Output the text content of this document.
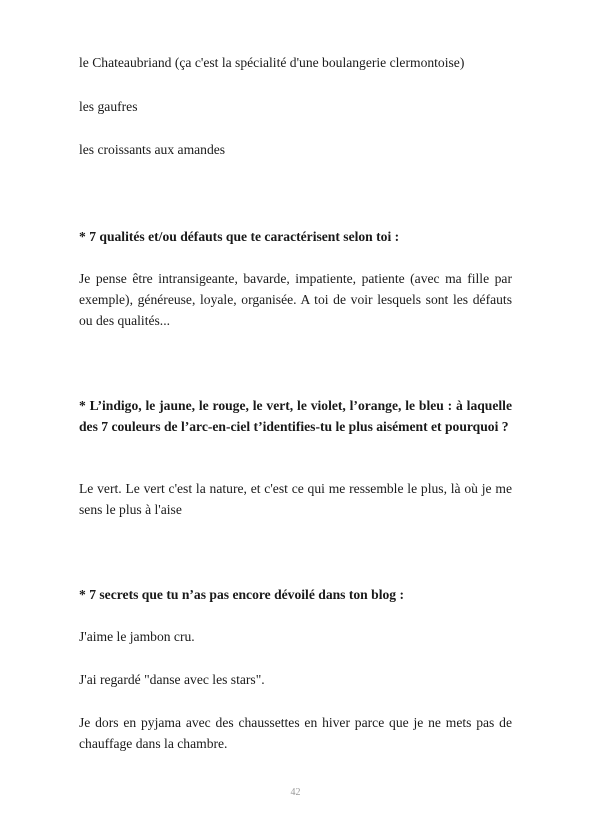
le Chateaubriand (ça c'est la spécialité d'une boulangerie clermontoise)

les gaufres

les croissants aux amandes

* 7 qualités et/ou défauts que te caractérisent selon toi :

Je pense être intransigeante, bavarde, impatiente, patiente (avec ma fille par exemple), généreuse, loyale, organisée. A toi de voir lesquels sont les défauts ou des qualités...

* L’indigo, le jaune, le rouge, le vert, le violet, l’orange, le bleu : à laquelle des 7 couleurs de l’arc-en-ciel t’identifies-tu le plus aisément et pourquoi ?

Le vert. Le vert c'est la nature, et c'est ce qui me ressemble le plus, là où je me sens le plus à l'aise

* 7 secrets que tu n’as pas encore dévoilé dans ton blog :

J'aime le jambon cru.

J'ai regardé "danse avec les stars".

Je dors en pyjama avec des chaussettes en hiver parce que je ne mets pas de chauffage dans la chambre.

42
